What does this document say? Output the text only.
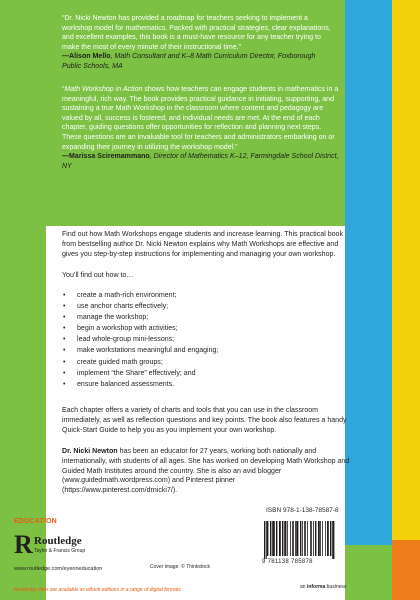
“Dr. Nicki Newton has provided a roadmap for teachers seeking to implement a workshop model for mathematics. Packed with practical strategies, clear explanations, and excellent examples, this book is a must-have resource for any teacher trying to make the most of every minute of their instructional time.”
—Alison Mello, Math Consultant and K–8 Math Curriculum Director, Foxborough Public Schools, MA
“Math Workshop in Action shows how teachers can engage students in mathematics in a meaningful, rich way. The book provides practical guidance in initiating, supporting, and sustaining a true Math Workshop in the classroom where content and pedagogy are valued by all, success is fostered, and individual needs are met. At the end of each chapter, guiding questions offer opportunities for reflection and planning next steps. These questions are an invaluable tool for teachers and administrators embarking on or expanding their journey in utilizing the workshop model.”
—Marissa Sciremammano, Director of Mathematics K–12, Farmingdale School District, NY

Find out how Math Workshops engage students and increase learning. This practical book from bestselling author Dr. Nicki Newton explains why Math Workshops are effective and gives you step-by-step instructions for implementing and managing your own workshop.

You’ll find out how to…

• create a math-rich environment;
• use anchor charts effectively;
• manage the workshop;
• begin a workshop with activities;
• lead whole-group mini-lessons;
• make workstations meaningful and engaging;
• create guided math groups;
• implement “the Share” effectively; and
• ensure balanced assessments.

Each chapter offers a variety of charts and tools that you can use in the classroom immediately, as well as reflection questions and key points. The book also features a handy Quick-Start Guide to help you as you implement your own workshop.

Dr. Nicki Newton has been an educator for 27 years, working both nationally and internationally, with students of all ages. She has worked on developing Math Workshop and Guided Math Institutes around the country. She is also an avid blogger (www.guidedmath.wordpress.com) and Pinterest pinner (https://www.pinterest.com/drnicki7/).

EDUCATION
R Routledge
Taylor & Francis Group
www.routledge.com/eyeoneducation	Cover image: © Thinkstock
Routledge titles are available as eBook editions in a range of digital formats
ISBN 978-1-138-78587-8
9 781138 785878
an informa business
